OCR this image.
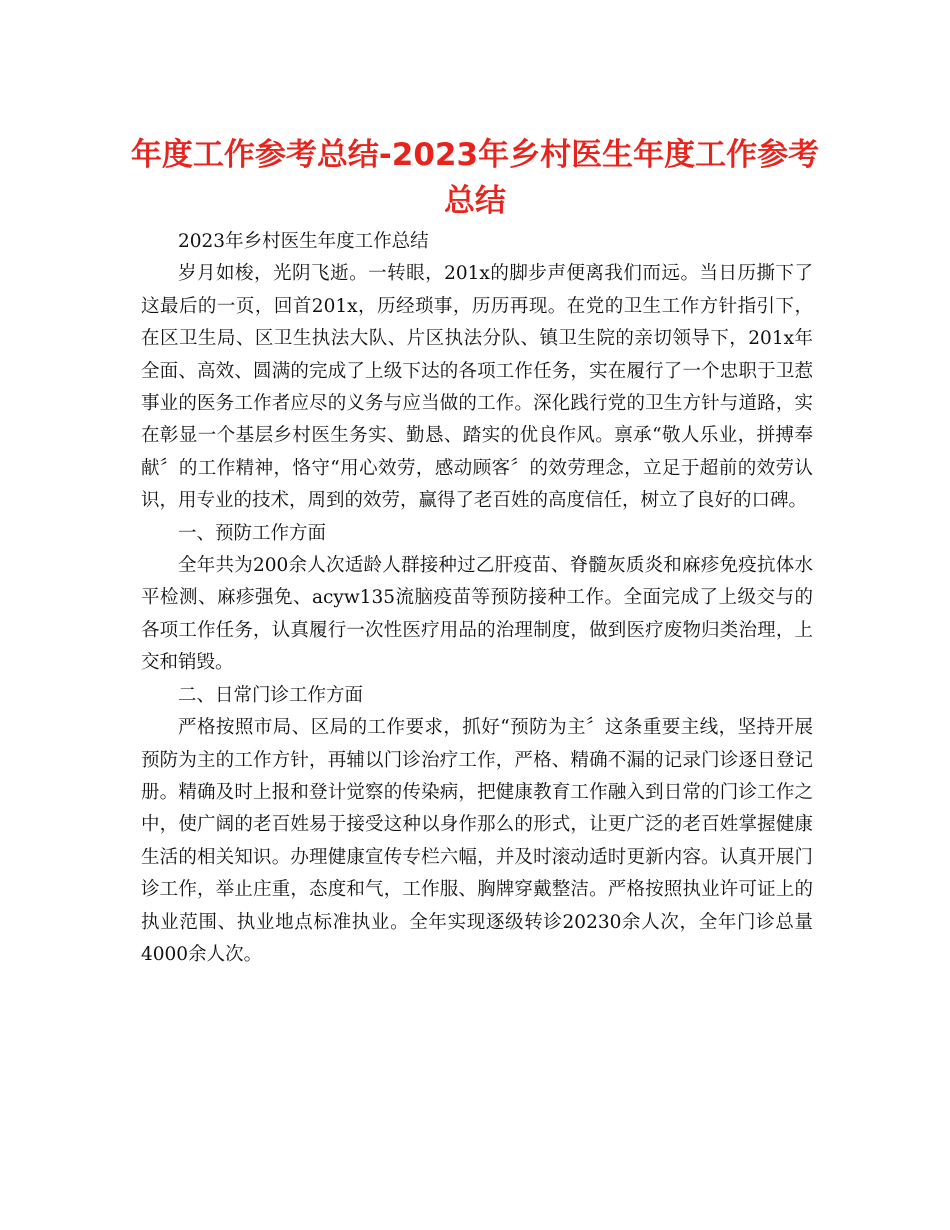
年度工作参考总结-2023年乡村医生年度工作参考总结

2023年乡村医生年度工作总结

岁月如梭，光阴飞逝。一转眼，201x的脚步声便离我们而远。当日历撕下了这最后的一页，回首201x，历经琐事，历历再现。在党的卫生工作方针指引下，在区卫生局、区卫生执法大队、片区执法分队、镇卫生院的亲切领导下，201x年全面、高效、圆满的完成了上级下达的各项工作任务，实在履行了一个忠职于卫惹事业的医务工作者应尽的义务与应当做的工作。深化践行党的卫生方针与道路，实在彰显一个基层乡村医生务实、勤恳、踏实的优良作风。禀承“敬人乐业，拼搏奉献〞的工作精神，恪守“用心效劳，感动顾客〞的效劳理念，立足于超前的效劳认识，用专业的技术，周到的效劳，赢得了老百姓的高度信任，树立了良好的口碑。

一、预防工作方面

全年共为200余人次适龄人群接种过乙肝疫苗、脊髓灰质炎和麻疹免疫抗体水平检测、麻疹强免、acyw135流脑疫苗等预防接种工作。全面完成了上级交与的各项工作任务，认真履行一次性医疗用品的治理制度，做到医疗废物归类治理，上交和销毁。

二、日常门诊工作方面

严格按照市局、区局的工作要求，抓好“预防为主〞这条重要主线，坚持开展预防为主的工作方针，再辅以门诊治疗工作，严格、精确不漏的记录门诊逐日登记册。精确及时上报和登计觉察的传染病，把健康教育工作融入到日常的门诊工作之中，使广阔的老百姓易于接受这种以身作那么的形式，让更广泛的老百姓掌握健康生活的相关知识。办理健康宣传专栏六幅，并及时滚动适时更新内容。认真开展门诊工作，举止庄重，态度和气，工作服、胸牌穿戴整洁。严格按照执业许可证上的执业范围、执业地点标准执业。全年实现逐级转诊20230余人次，全年门诊总量4000余人次。
